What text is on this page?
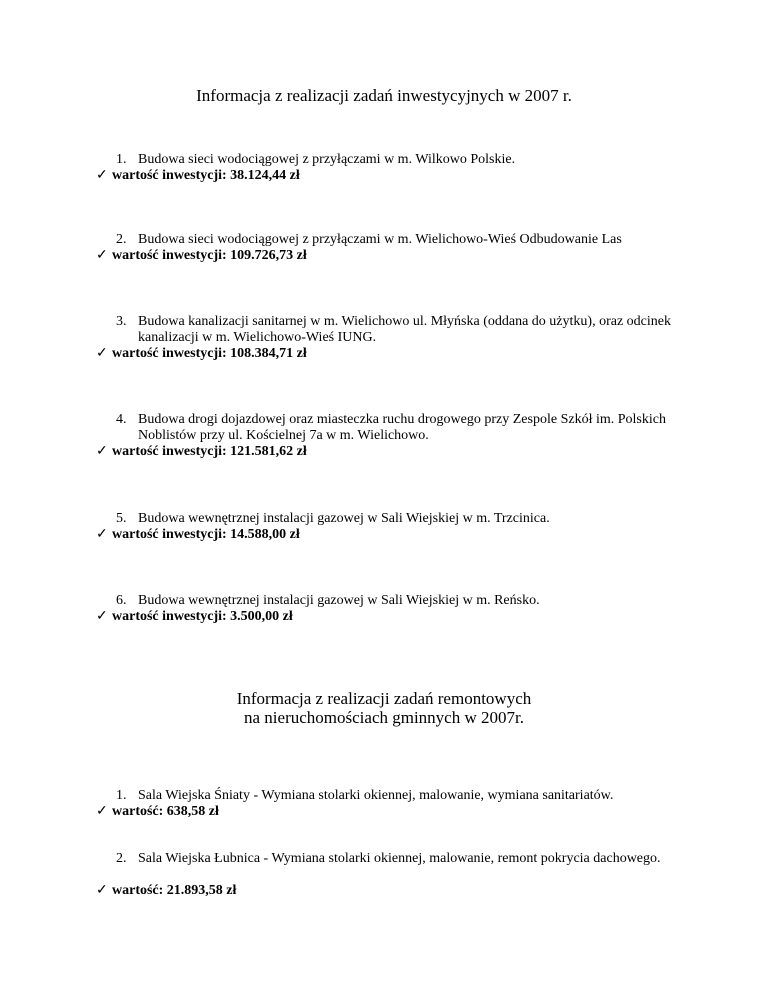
Informacja z realizacji zadań inwestycyjnych w 2007 r.
1. Budowa sieci wodociągowej z przyłączami w m. Wilkowo Polskie.
✓ wartość inwestycji: 38.124,44 zł
2. Budowa sieci wodociągowej z przyłączami w m. Wielichowo-Wieś Odbudowanie Las
✓ wartość inwestycji: 109.726,73 zł
3. Budowa kanalizacji sanitarnej w m. Wielichowo ul. Młyńska (oddana do użytku), oraz odcinek kanalizacji w m. Wielichowo-Wieś IUNG.
✓ wartość inwestycji: 108.384,71 zł
4. Budowa drogi dojazdowej oraz miasteczka ruchu drogowego przy Zespole Szkół im. Polskich Noblistów przy ul. Kościelnej 7a w m. Wielichowo.
✓ wartość inwestycji: 121.581,62 zł
5. Budowa wewnętrznej instalacji gazowej w Sali Wiejskiej w m. Trzcinica.
✓ wartość inwestycji: 14.588,00 zł
6. Budowa wewnętrznej instalacji gazowej w Sali Wiejskiej w m. Reńsko.
✓ wartość inwestycji: 3.500,00 zł
Informacja z realizacji zadań remontowych
na nieruchomościach gminnych w 2007r.
1. Sala Wiejska Śniaty - Wymiana stolarki okiennej, malowanie, wymiana sanitariatów.
✓ wartość: 638,58 zł
2. Sala Wiejska Łubnica - Wymiana stolarki okiennej, malowanie, remont pokrycia dachowego.
✓ wartość: 21.893,58 zł
